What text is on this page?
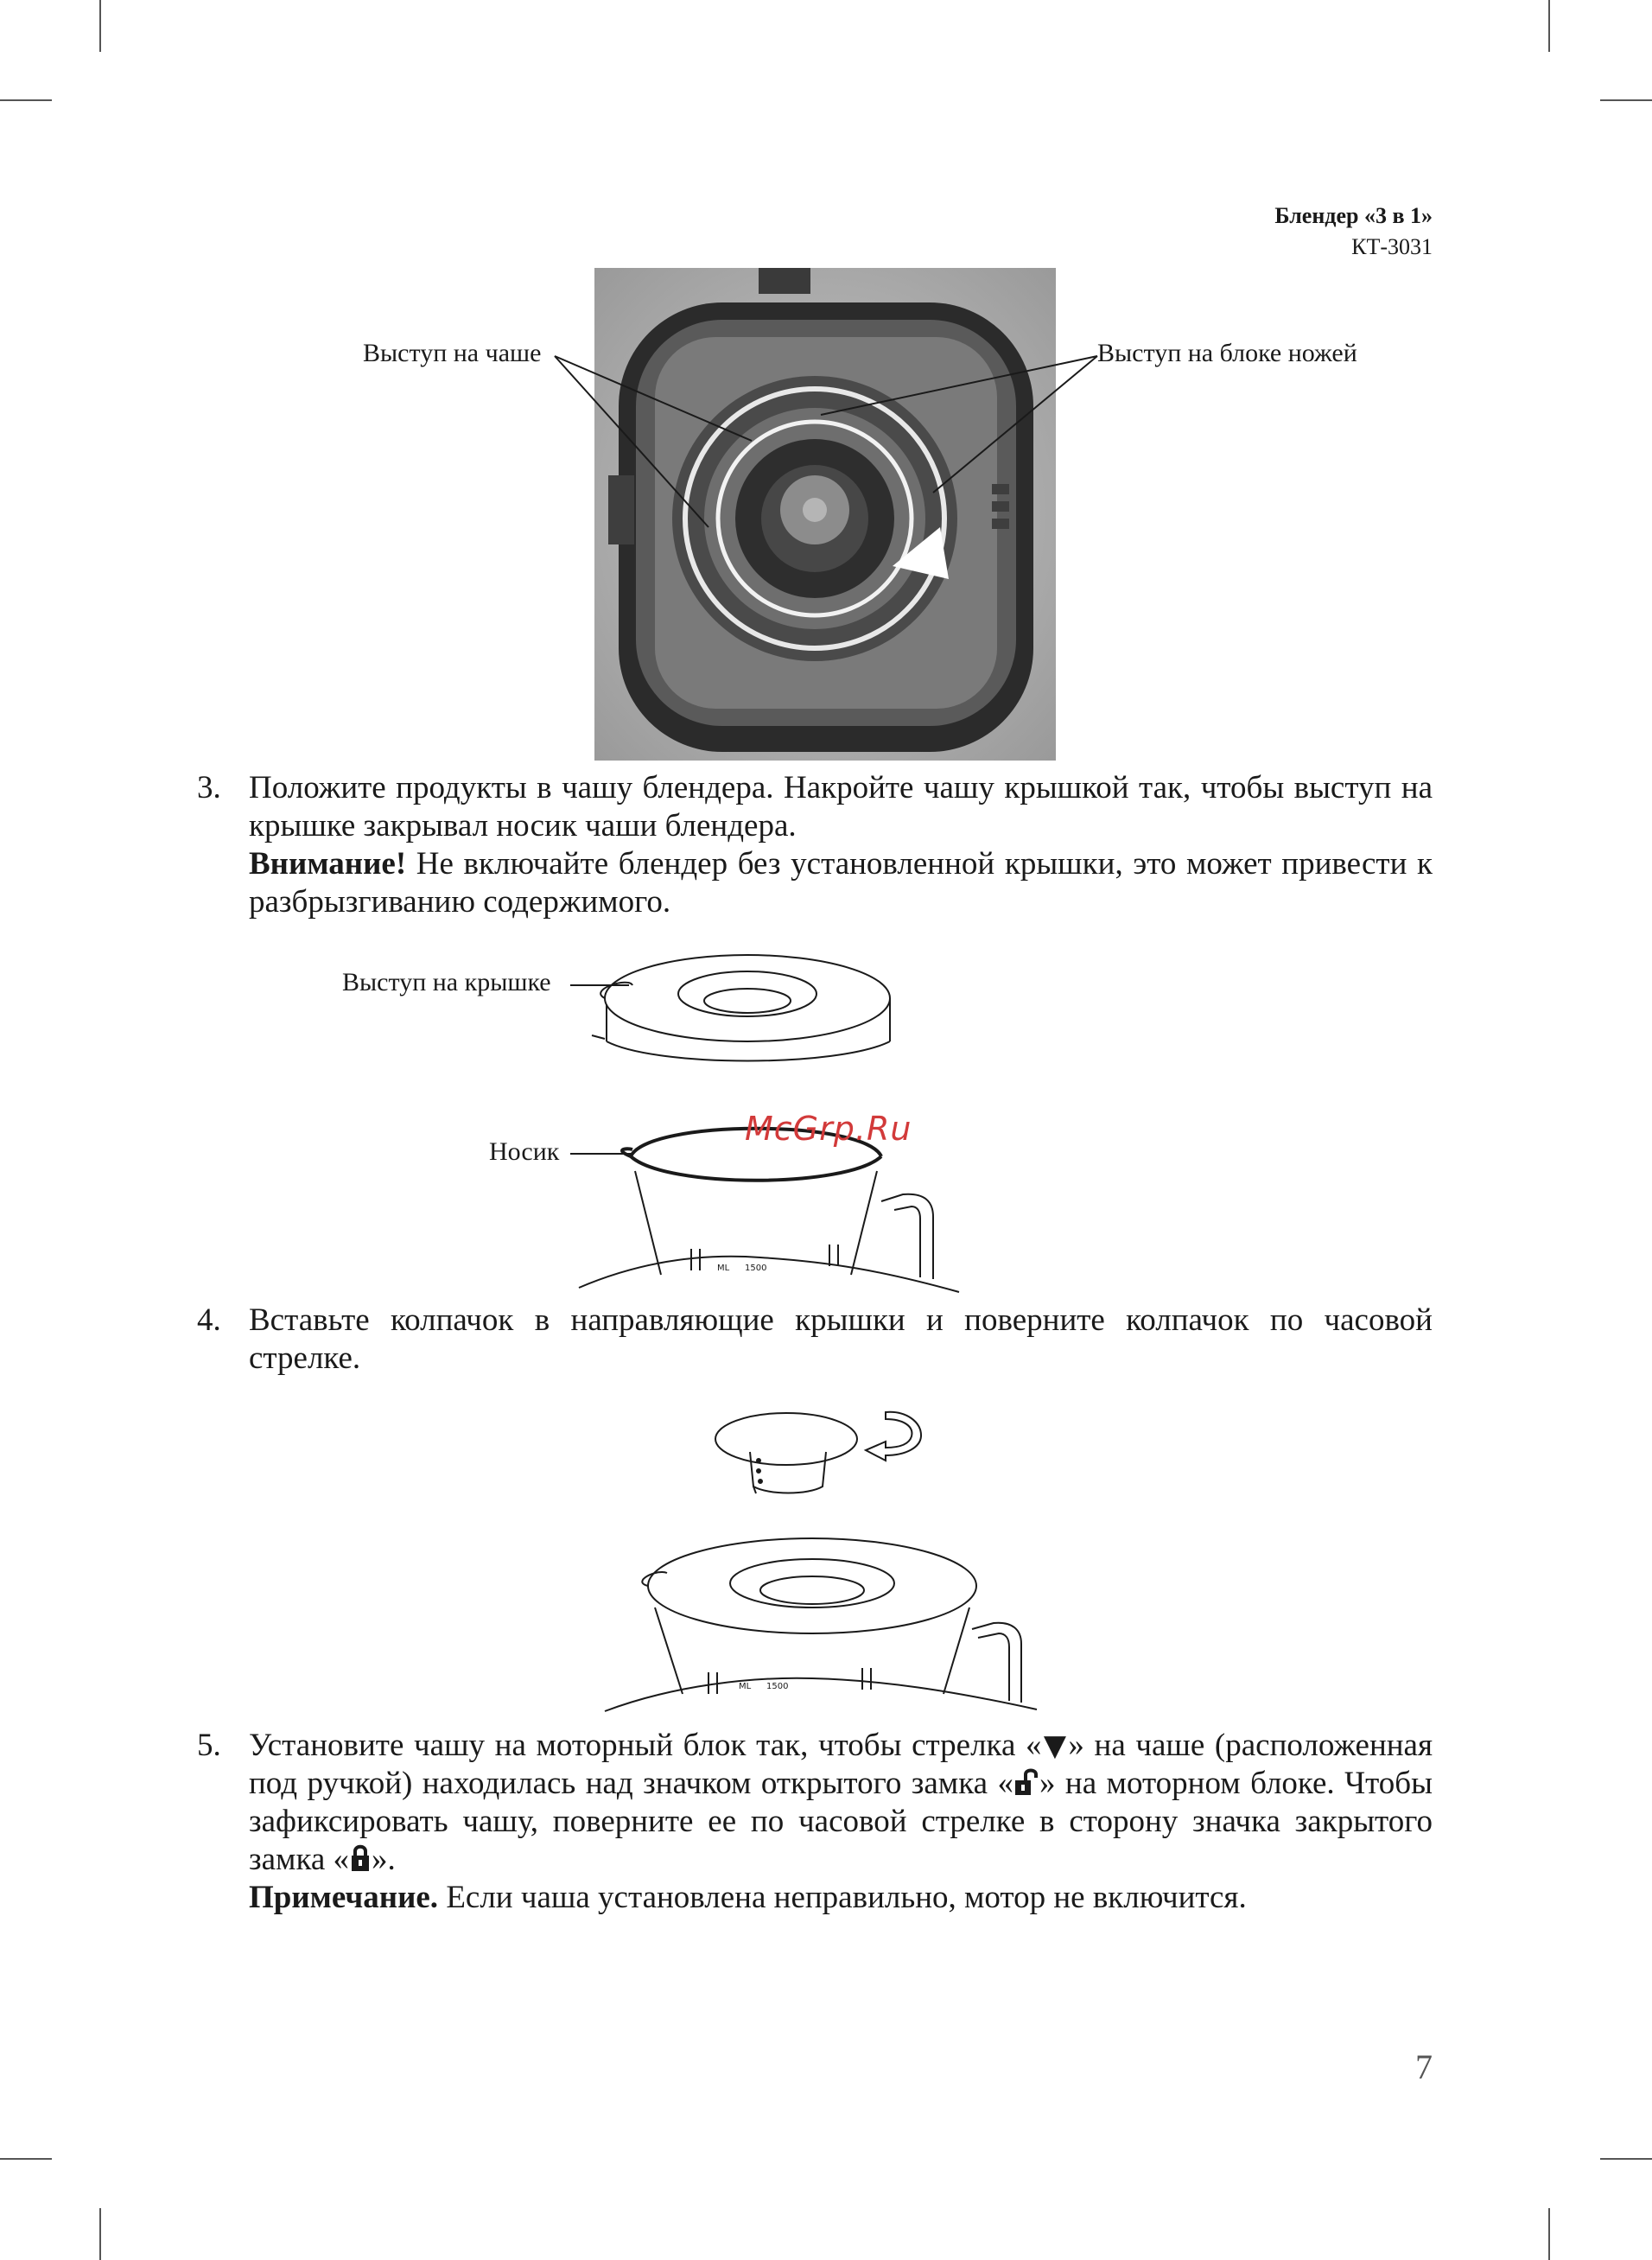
Блендер «3 в 1»
КТ-3031
Выступ на чаше	Выступ на блоке ножей
3. Положите продукты в чашу блендера. Накройте чашу крышкой так, чтобы выступ на крышке закрывал носик чаши блендера.

Внимание! Не включайте блендер без установленной крышки, это может привести к разбрызгиванию содержимого.

ML 1500
Выступ на крышке
Носик
McGrp.Ru
4. Вставьте колпачок в направляющие крышки и поверните колпачок по часовой стрелке.

ML 1500
5. Установите чашу на моторный блок так, чтобы стрелка «▼» на чаше (расположенная под ручкой) находилась над значком открытого замка « » на моторном блоке. Чтобы зафиксировать чашу, поверните ее по часовой стрелке в сторону значка закрытого замка « ».

Примечание. Если чаша установлена неправильно, мотор не включится.

7
